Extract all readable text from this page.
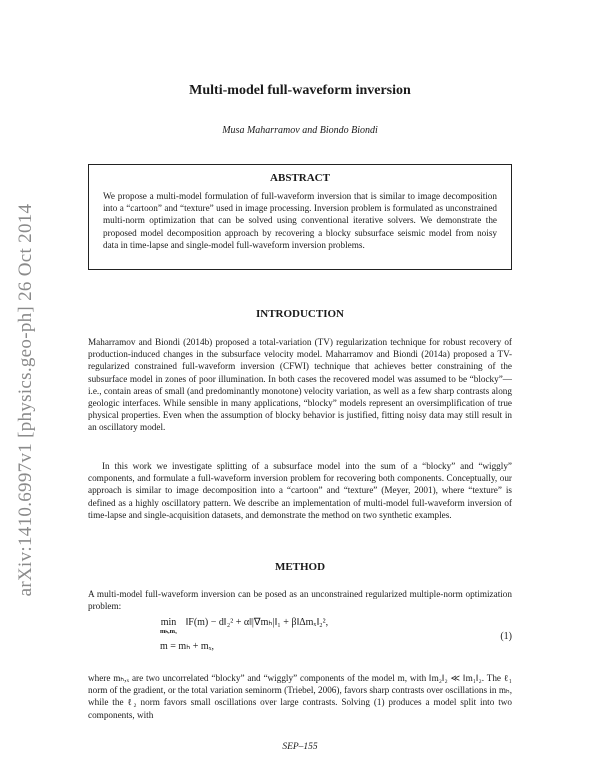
arXiv:1410.6997v1 [physics.geo-ph] 26 Oct 2014
Multi-model full-waveform inversion
Musa Maharramov and Biondo Biondi
ABSTRACT
We propose a multi-model formulation of full-waveform inversion that is similar to image decomposition into a “cartoon” and “texture” used in image processing. Inversion problem is formulated as unconstrained multi-norm optimization that can be solved using conventional iterative solvers. We demonstrate the proposed model decomposition approach by recovering a blocky subsurface seismic model from noisy data in time-lapse and single-model full-waveform inversion problems.
INTRODUCTION
Maharramov and Biondi (2014b) proposed a total-variation (TV) regularization technique for robust recovery of production-induced changes in the subsurface velocity model. Maharramov and Biondi (2014a) proposed a TV-regularized constrained full-waveform inversion (CFWI) technique that achieves better constraining of the subsurface model in zones of poor illumination. In both cases the recovered model was assumed to be “blocky”—i.e., contain areas of small (and predominantly monotone) velocity variation, as well as a few sharp contrasts along geologic interfaces. While sensible in many applications, “blocky” models represent an oversimplification of true physical properties. Even when the assumption of blocky behavior is justified, fitting noisy data may still result in an oscillatory model.
In this work we investigate splitting of a subsurface model into the sum of a “blocky” and “wiggly” components, and formulate a full-waveform inversion problem for recovering both components. Conceptually, our approach is similar to image decomposition into a “cartoon” and “texture” (Meyer, 2001), where “texture” is defined as a highly oscillatory pattern. We describe an implementation of multi-model full-waveform inversion of time-lapse and single-acquisition datasets, and demonstrate the method on two synthetic examples.
METHOD
A multi-model full-waveform inversion can be posed as an unconstrained regularized multiple-norm optimization problem:
min
mₕ,mₓ
‖F(m) − d‖₂² + α‖|∇mₕ|‖₁ + β‖Δmₓ‖₂²,
m = mₕ + mₓ,
(1)
where mₕ,ₓ are two uncorrelated “blocky” and “wiggly” components of the model m, with ‖m₂‖₂ ≪ ‖m₁‖₂. The ℓ₁ norm of the gradient, or the total variation seminorm (Triebel, 2006), favors sharp contrasts over oscillations in mₕ, while the ℓ₂ norm favors small oscillations over large contrasts. Solving (1) produces a model split into two components, with
SEP–155
